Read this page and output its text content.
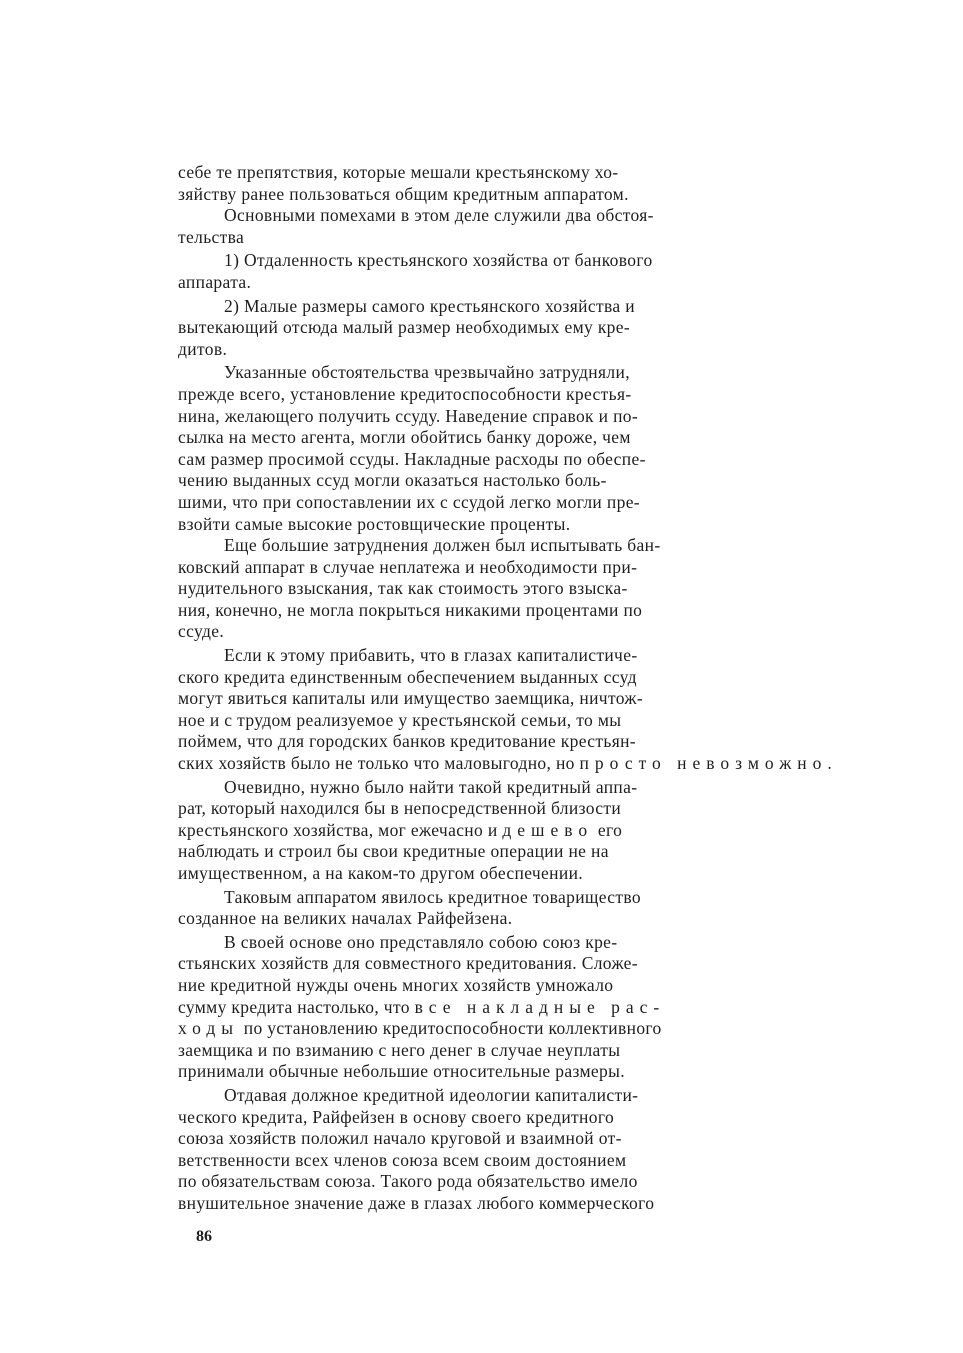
себе те препятствия, которые мешали крестьянскому хо-
зяйству ранее пользоваться общим кредитным аппаратом.
Основными помехами в этом деле служили два обстоя-
тельства
1) Отдаленность крестьянского хозяйства от банкового
аппарата.
2) Малые размеры самого крестьянского хозяйства и
вытекающий отсюда малый размер необходимых ему кре-
дитов.
Указанные обстоятельства чрезвычайно затрудняли,
прежде всего, установление кредитоспособности крестья-
нина, желающего получить ссуду. Наведение справок и по-
сылка на место агента, могли обойтись банку дороже, чем
сам размер просимой ссуды. Накладные расходы по обеспе-
чению выданных ссуд могли оказаться настолько боль-
шими, что при сопоставлении их с ссудой легко могли пре-
взойти самые высокие ростовщические проценты.
Еще большие затруднения должен был испытывать бан-
ковский аппарат в случае неплатежа и необходимости при-
нудительного взыскания, так как стоимость этого взыска-
ния, конечно, не могла покрыться никакими процентами по
ссуде.
Если к этому прибавить, что в глазах капиталистиче-
ского кредита единственным обеспечением выданных ссуд
могут явиться капиталы или имущество заемщика, ничтож-
ное и с трудом реализуемое у крестьянской семьи, то мы
поймем, что для городских банков кредитование крестьян-
ских хозяйств было не только что маловыгодно, но просто невозможно.
Очевидно, нужно было найти такой кредитный аппа-
рат, который находился бы в непосредственной близости
крестьянского хозяйства, мог ежечасно и дешево его
наблюдать и строил бы свои кредитные операции не на
имущественном, а на каком-то другом обеспечении.
Таковым аппаратом явилось кредитное товарищество
созданное на великих началах Райфейзена.
В своей основе оно представляло собою союз кре-
стьянских хозяйств для совместного кредитования. Сложе-
ние кредитной нужды очень многих хозяйств умножало
сумму кредита настолько, что все накладные рас-
ходы по установлению кредитоспособности коллективного
заемщика и по взиманию с него денег в случае неуплаты
принимали обычные небольшие относительные размеры.
Отдавая должное кредитной идеологии капиталисти-
ческого кредита, Райфейзен в основу своего кредитного
союза хозяйств положил начало круговой и взаимной от-
ветственности всех членов союза всем своим достоянием
по обязательствам союза. Такого рода обязательство имело
внушительное значение даже в глазах любого коммерческого
86
